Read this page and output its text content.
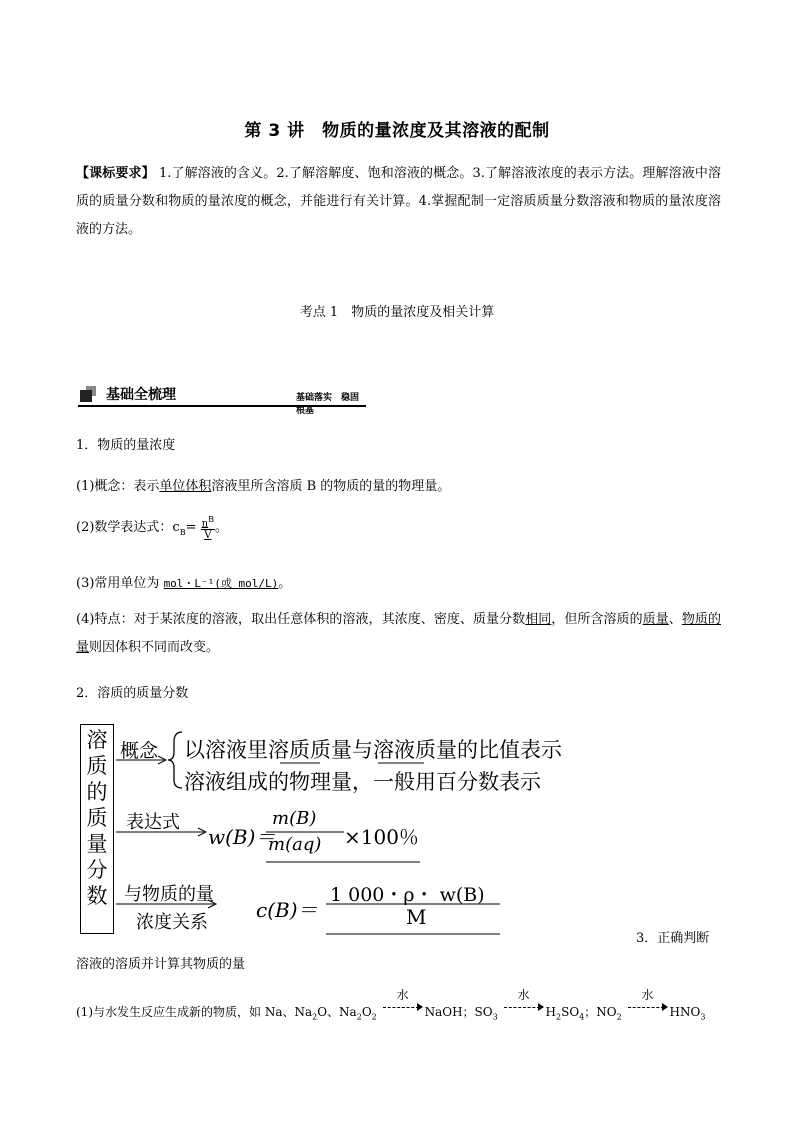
第 3 讲　物质的量浓度及其溶液的配制
【课标要求】 1.了解溶液的含义。2.了解溶解度、饱和溶液的概念。3.了解溶液浓度的表示方法。理解溶液中溶质的质量分数和物质的量浓度的概念，并能进行有关计算。4.掌握配制一定溶质质量分数溶液和物质的量浓度溶液的方法。
考点 1　物质的量浓度及相关计算
基础全梳理	基础落实　稳固根基
1．物质的量浓度
(1)概念：表示单位体积溶液里所含溶质 B 的物质的量的物理量。
(2)数学表达式：$c_B= \frac{n^B}{V}$ 。
(3)常用单位为 mol・L⁻¹(或 mol/L)。
(4)特点：对于某浓度的溶液，取出任意体积的溶液，其浓度、密度、质量分数相同，但所含溶质的质量、物质的量则因体积不同而改变。
2．溶质的质量分数
溶
质
的
质
量
分
数
概念 以溶液里溶质质量与溶液质量的比值表示
溶液组成的物理量，一般用百分数表示
表达式
w(B)＝
m(B)
m(aq) ×100％
与物质的量
浓度关系
c(B)＝
1 000・ρ・ w(B)
M
3．正确判断
溶液的溶质并计算其物质的量
(1)与水发生反应生成新的物质，如 Na、$Na_2O$、$Na_2O_2$
水
NaOH；$SO_3$
水
$H_2SO_4$；$NO_2$
水
$HNO_3$
